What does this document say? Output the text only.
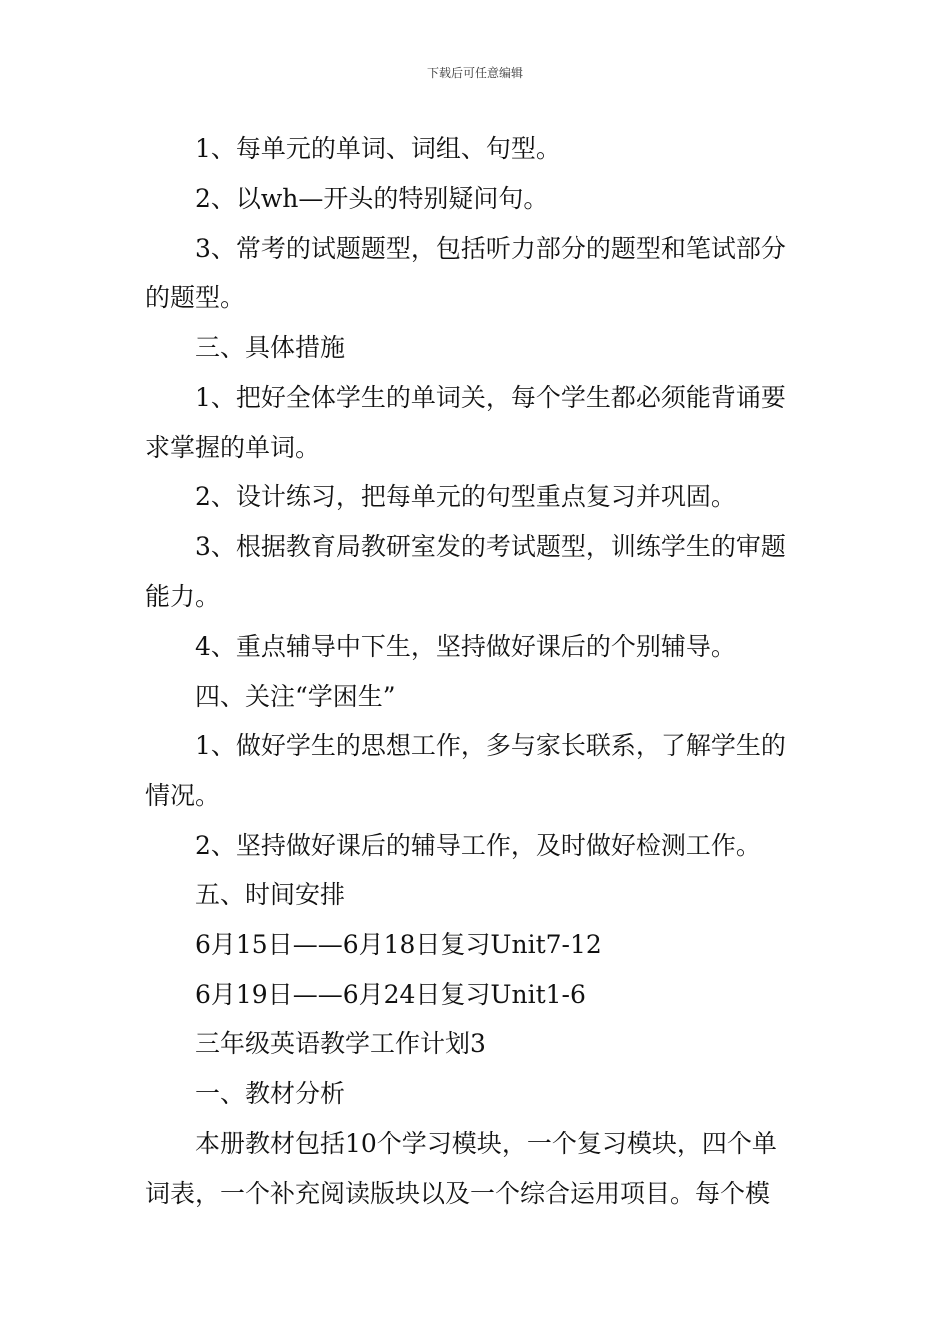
下载后可任意编辑
1、每单元的单词、词组、句型。
2、以wh—开头的特别疑问句。
3、常考的试题题型，包括听力部分的题型和笔试部分
的题型。
三、具体措施
1、把好全体学生的单词关，每个学生都必须能背诵要
求掌握的单词。
2、设计练习，把每单元的句型重点复习并巩固。
3、根据教育局教研室发的考试题型，训练学生的审题
能力。
4、重点辅导中下生，坚持做好课后的个别辅导。
四、关注“学困生”
1、做好学生的思想工作，多与家长联系，了解学生的
情况。
2、坚持做好课后的辅导工作，及时做好检测工作。
五、时间安排
6月15日——6月18日复习Unit7-12
6月19日——6月24日复习Unit1-6
三年级英语教学工作计划3
一、教材分析
本册教材包括10个学习模块，一个复习模块，四个单
词表，一个补充阅读版块以及一个综合运用项目。每个模
